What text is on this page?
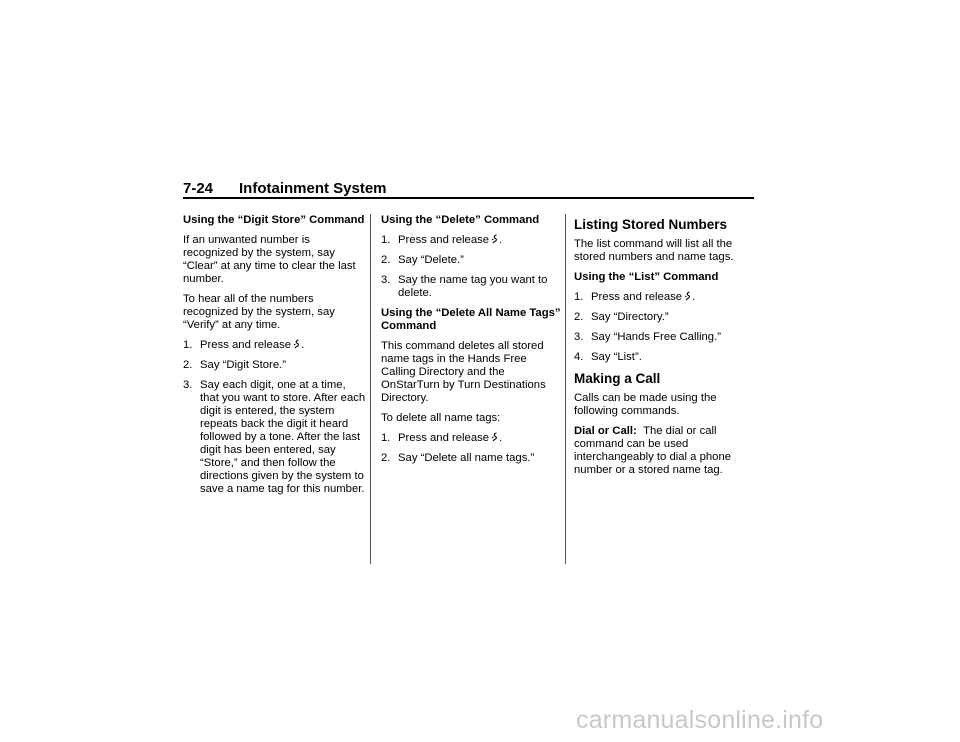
7-24 Infotainment System
Using the “Digit Store” Command

If an unwanted number is recognized by the system, say “Clear” at any time to clear the last number.

To hear all of the numbers recognized by the system, say “Verify” at any time.

1. Press and release .
2. Say “Digit Store.”
3. Say each digit, one at a time, that you want to store. After each digit is entered, the system repeats back the digit it heard followed by a tone. After the last digit has been entered, say “Store,” and then follow the directions given by the system to save a name tag for this number.
Using the “Delete” Command
1. Press and release .
2. Say “Delete.”
3. Say the name tag you want to delete.
Using the “Delete All Name Tags” Command

This command deletes all stored name tags in the Hands Free Calling Directory and the OnStarTurn by Turn Destinations Directory.

To delete all name tags:

1. Press and release .
2. Say “Delete all name tags.”
Listing Stored Numbers

The list command will list all the stored numbers and name tags.

Using the “List” Command
1. Press and release .
2. Say “Directory.”
3. Say “Hands Free Calling.”
4. Say “List”.
Making a Call

Calls can be made using the following commands.

Dial or Call: The dial or call command can be used interchangeably to dial a phone number or a stored name tag.

carmanualsonline.info
